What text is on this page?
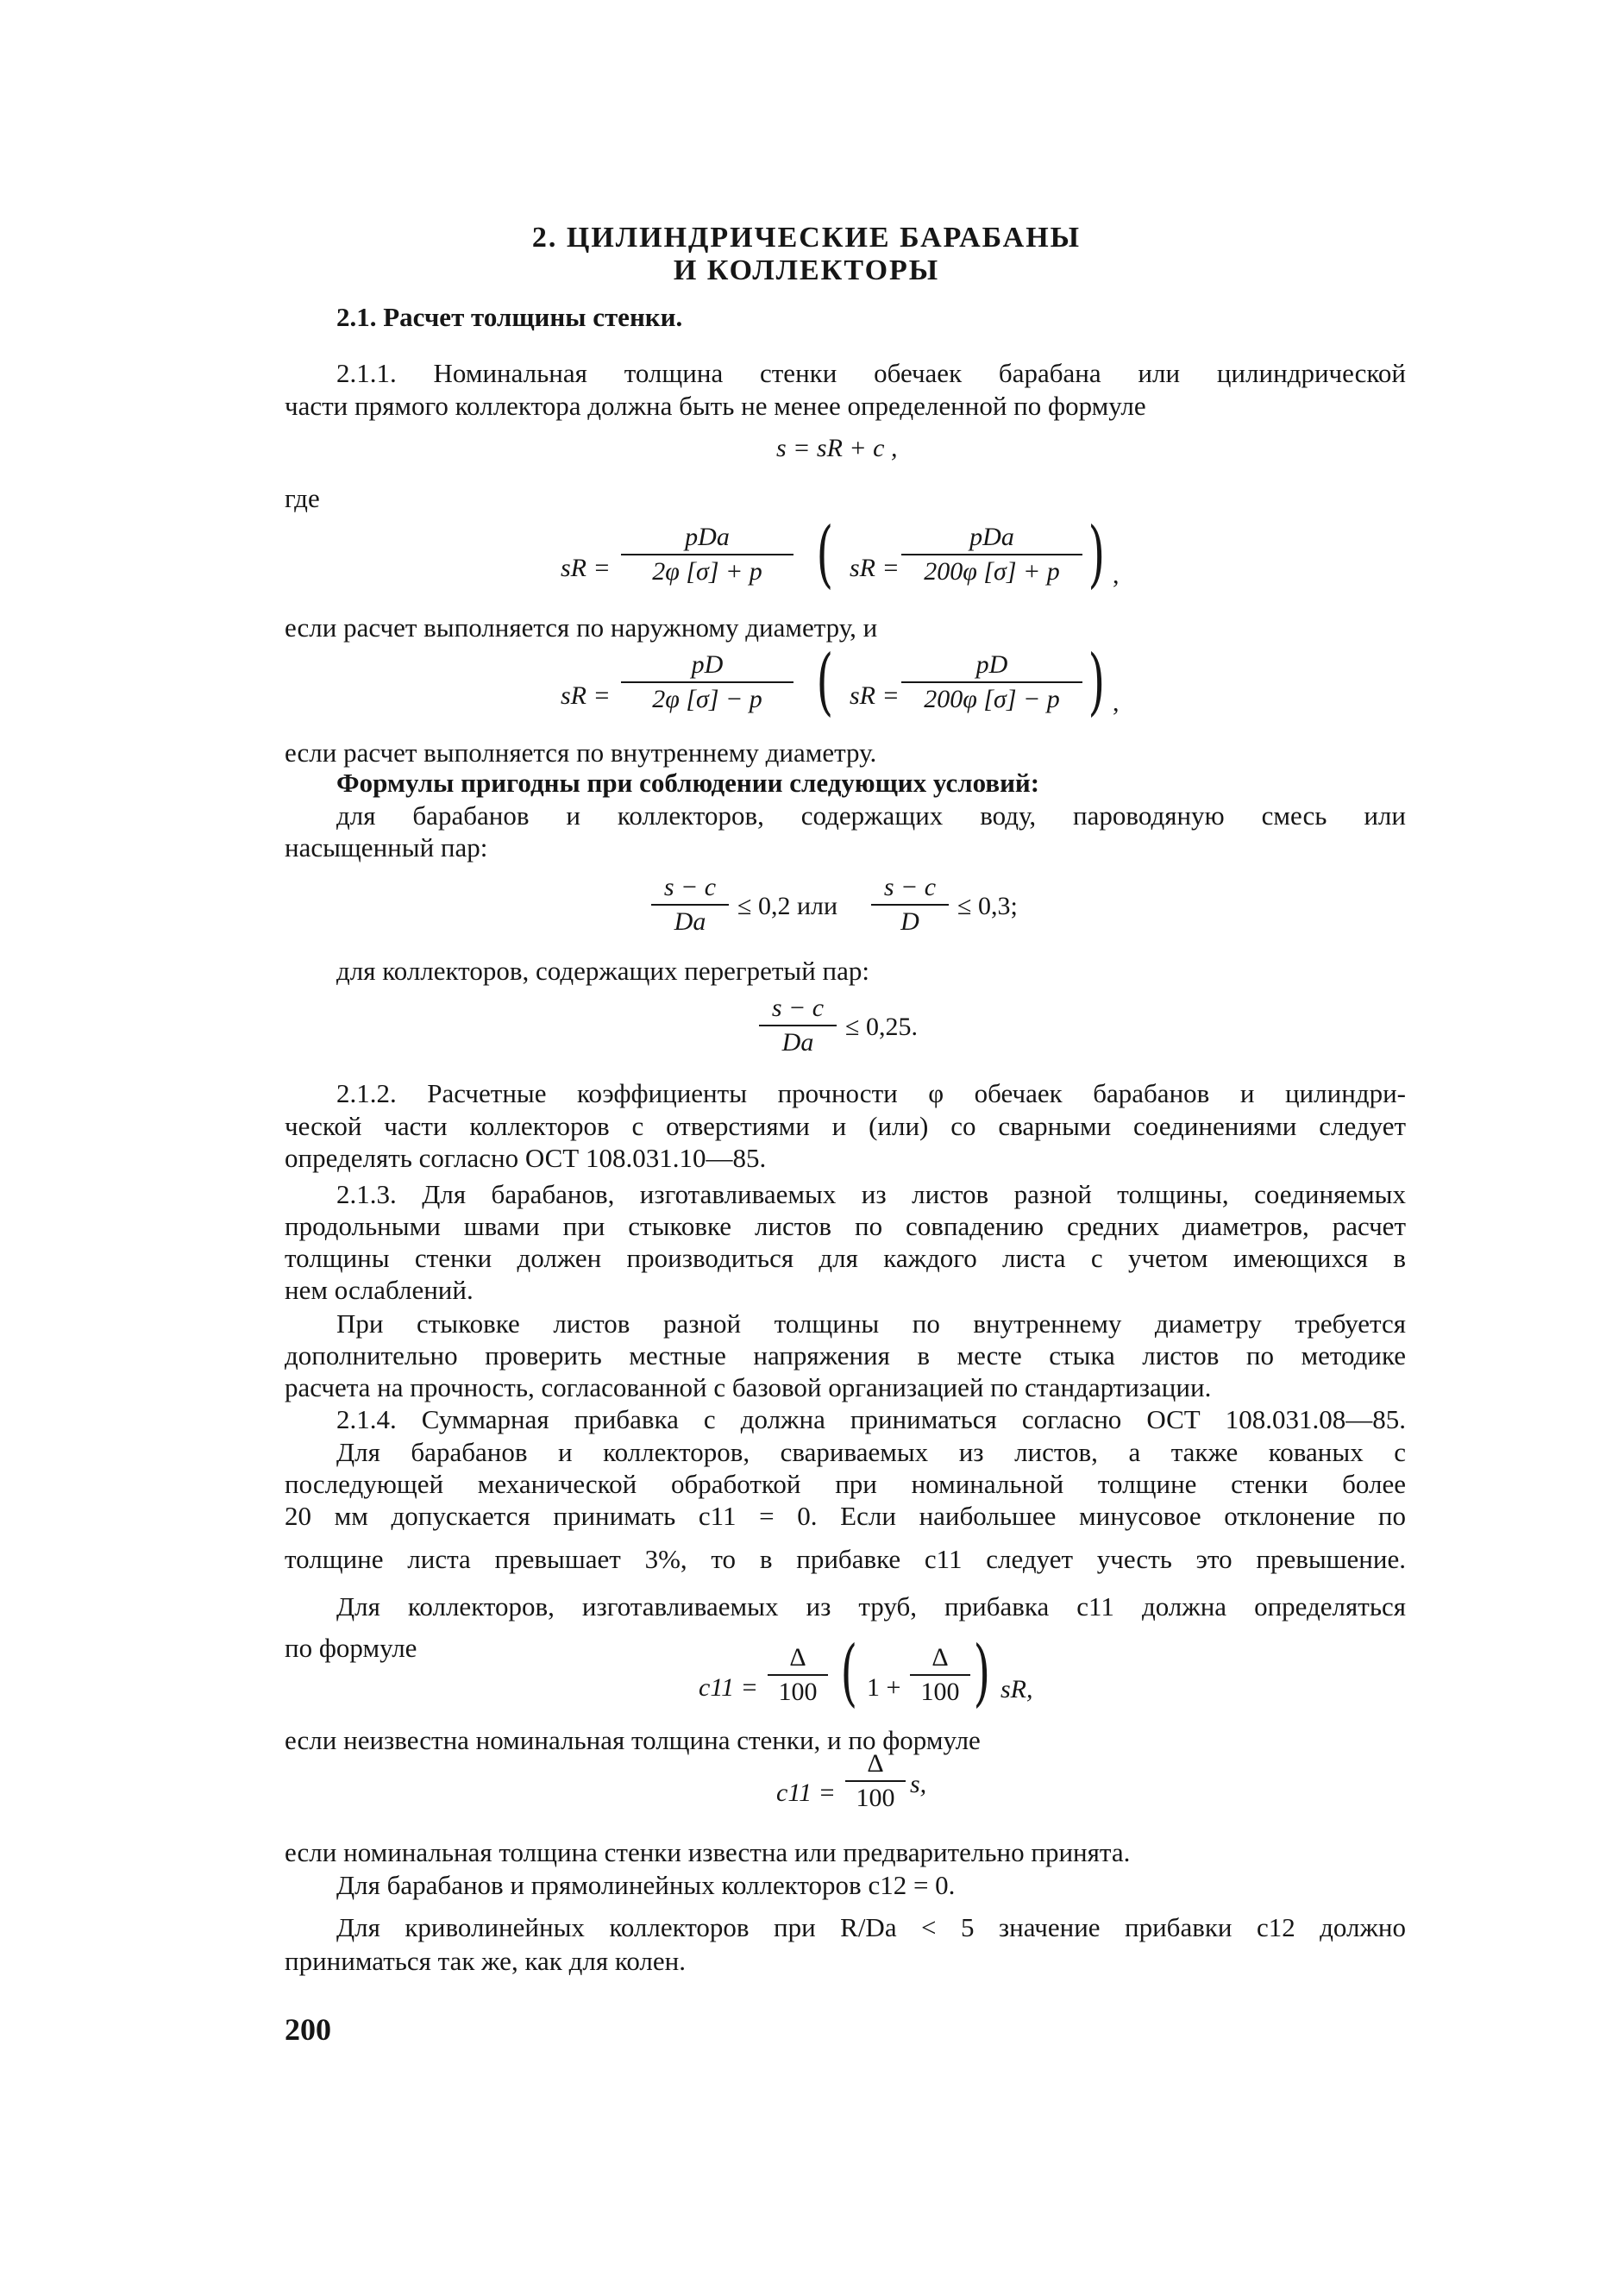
2. ЦИЛИНДРИЧЕСКИЕ БАРАБАНЫ
И КОЛЛЕКТОРЫ
2.1. Расчет толщины стенки.
2.1.1. Номинальная толщина стенки обечаек барабана или цилиндрической
части прямого коллектора должна быть не менее определенной по формуле
s = sR + c ,
где
sR =
pDa
2φ [σ] + p ( sR =
pDa
200φ [σ] + p ) ,
если расчет выполняется по наружному диаметру, и
sR = $\frac{pD}{2\varphi [\sigma] - p}$ ( sR = $\frac{pD}{200\varphi [\sigma] - p}$ ) ,
если расчет выполняется по внутреннему диаметру.
Формулы пригодны при соблюдении следующих условий:
для барабанов и коллекторов, содержащих воду, пароводяную смесь или
насыщенный пар:
$\frac{s - c}{Da} \le 0,2$ или $\frac{s - c}{D} \le 0,3$;
для коллекторов, содержащих перегретый пар:
$\frac{s - c}{Da} \le 0,25$.
2.1.2. Расчетные коэффициенты прочности φ обечаек барабанов и цилиндри-
ческой части коллекторов с отверстиями и (или) со сварными соединениями следует
определять согласно ОСТ 108.031.10—85.
2.1.3. Для барабанов, изготавливаемых из листов разной толщины, соединяемых
продольными швами при стыковке листов по совпадению средних диаметров, расчет
толщины стенки должен производиться для каждого листа с учетом имеющихся в
нем ослаблений.
При стыковке листов разной толщины по внутреннему диаметру требуется
дополнительно проверить местные напряжения в месте стыка листов по методике
расчета на прочность, согласованной с базовой организацией по стандартизации.
2.1.4. Суммарная прибавка с должна приниматься согласно ОСТ 108.031.08—85.
Для барабанов и коллекторов, свариваемых из листов, а также кованых с
последующей механической обработкой при номинальной толщине стенки более
20 мм допускается принимать c11 = 0. Если наибольшее минусовое отклонение по
толщине листа превышает 3%, то в прибавке c11 следует учесть это превышение.
Для коллекторов, изготавливаемых из труб, прибавка c11 должна определяться
по формуле
$c11 = \frac{\Delta}{100}$ ( $1 + \frac{\Delta}{100}$ ) sR,
если неизвестна номинальная толщина стенки, и по формуле
$c11 = \frac{\Delta}{100} s$,
если номинальная толщина стенки известна или предварительно принята.
Для барабанов и прямолинейных коллекторов c12 = 0.
Для криволинейных коллекторов при R/Da < 5 значение прибавки c12 должно
приниматься так же, как для колен.
200
